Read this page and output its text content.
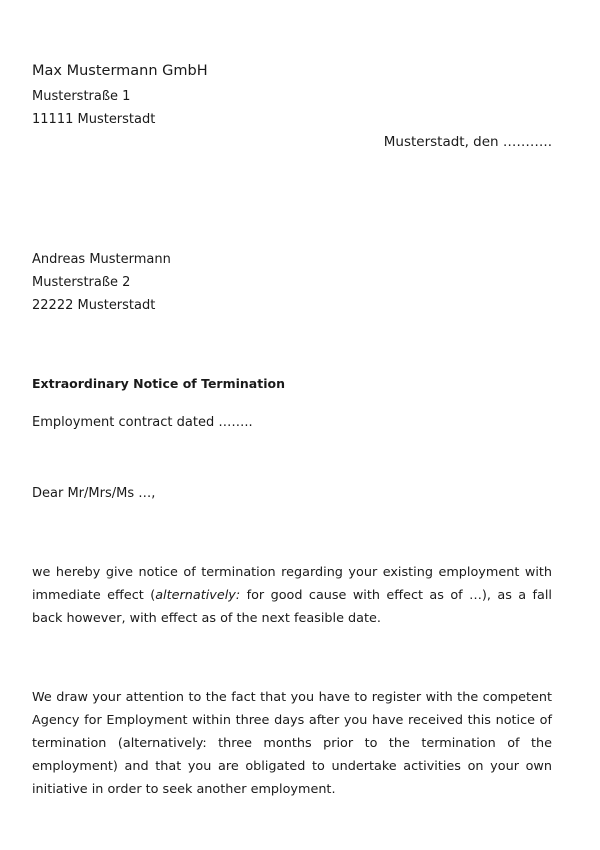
Max Mustermann GmbH
Musterstraße 1
11111 Musterstadt
Musterstadt, den ………..
Andreas Mustermann
Musterstraße 2
22222 Musterstadt
Extraordinary Notice of Termination
Employment contract dated ……..
Dear Mr/Mrs/Ms …,

we hereby give notice of termination regarding your existing employment with immediate effect (alternatively: for good cause with effect as of …), as a fall back however, with effect as of the next feasible date.

We draw your attention to the fact that you have to register with the competent Agency for Employment within three days after you have received this notice of termination (alternatively: three months prior to the termination of the employment) and that you are obligated to undertake activities on your own initiative in order to seek another employment.
